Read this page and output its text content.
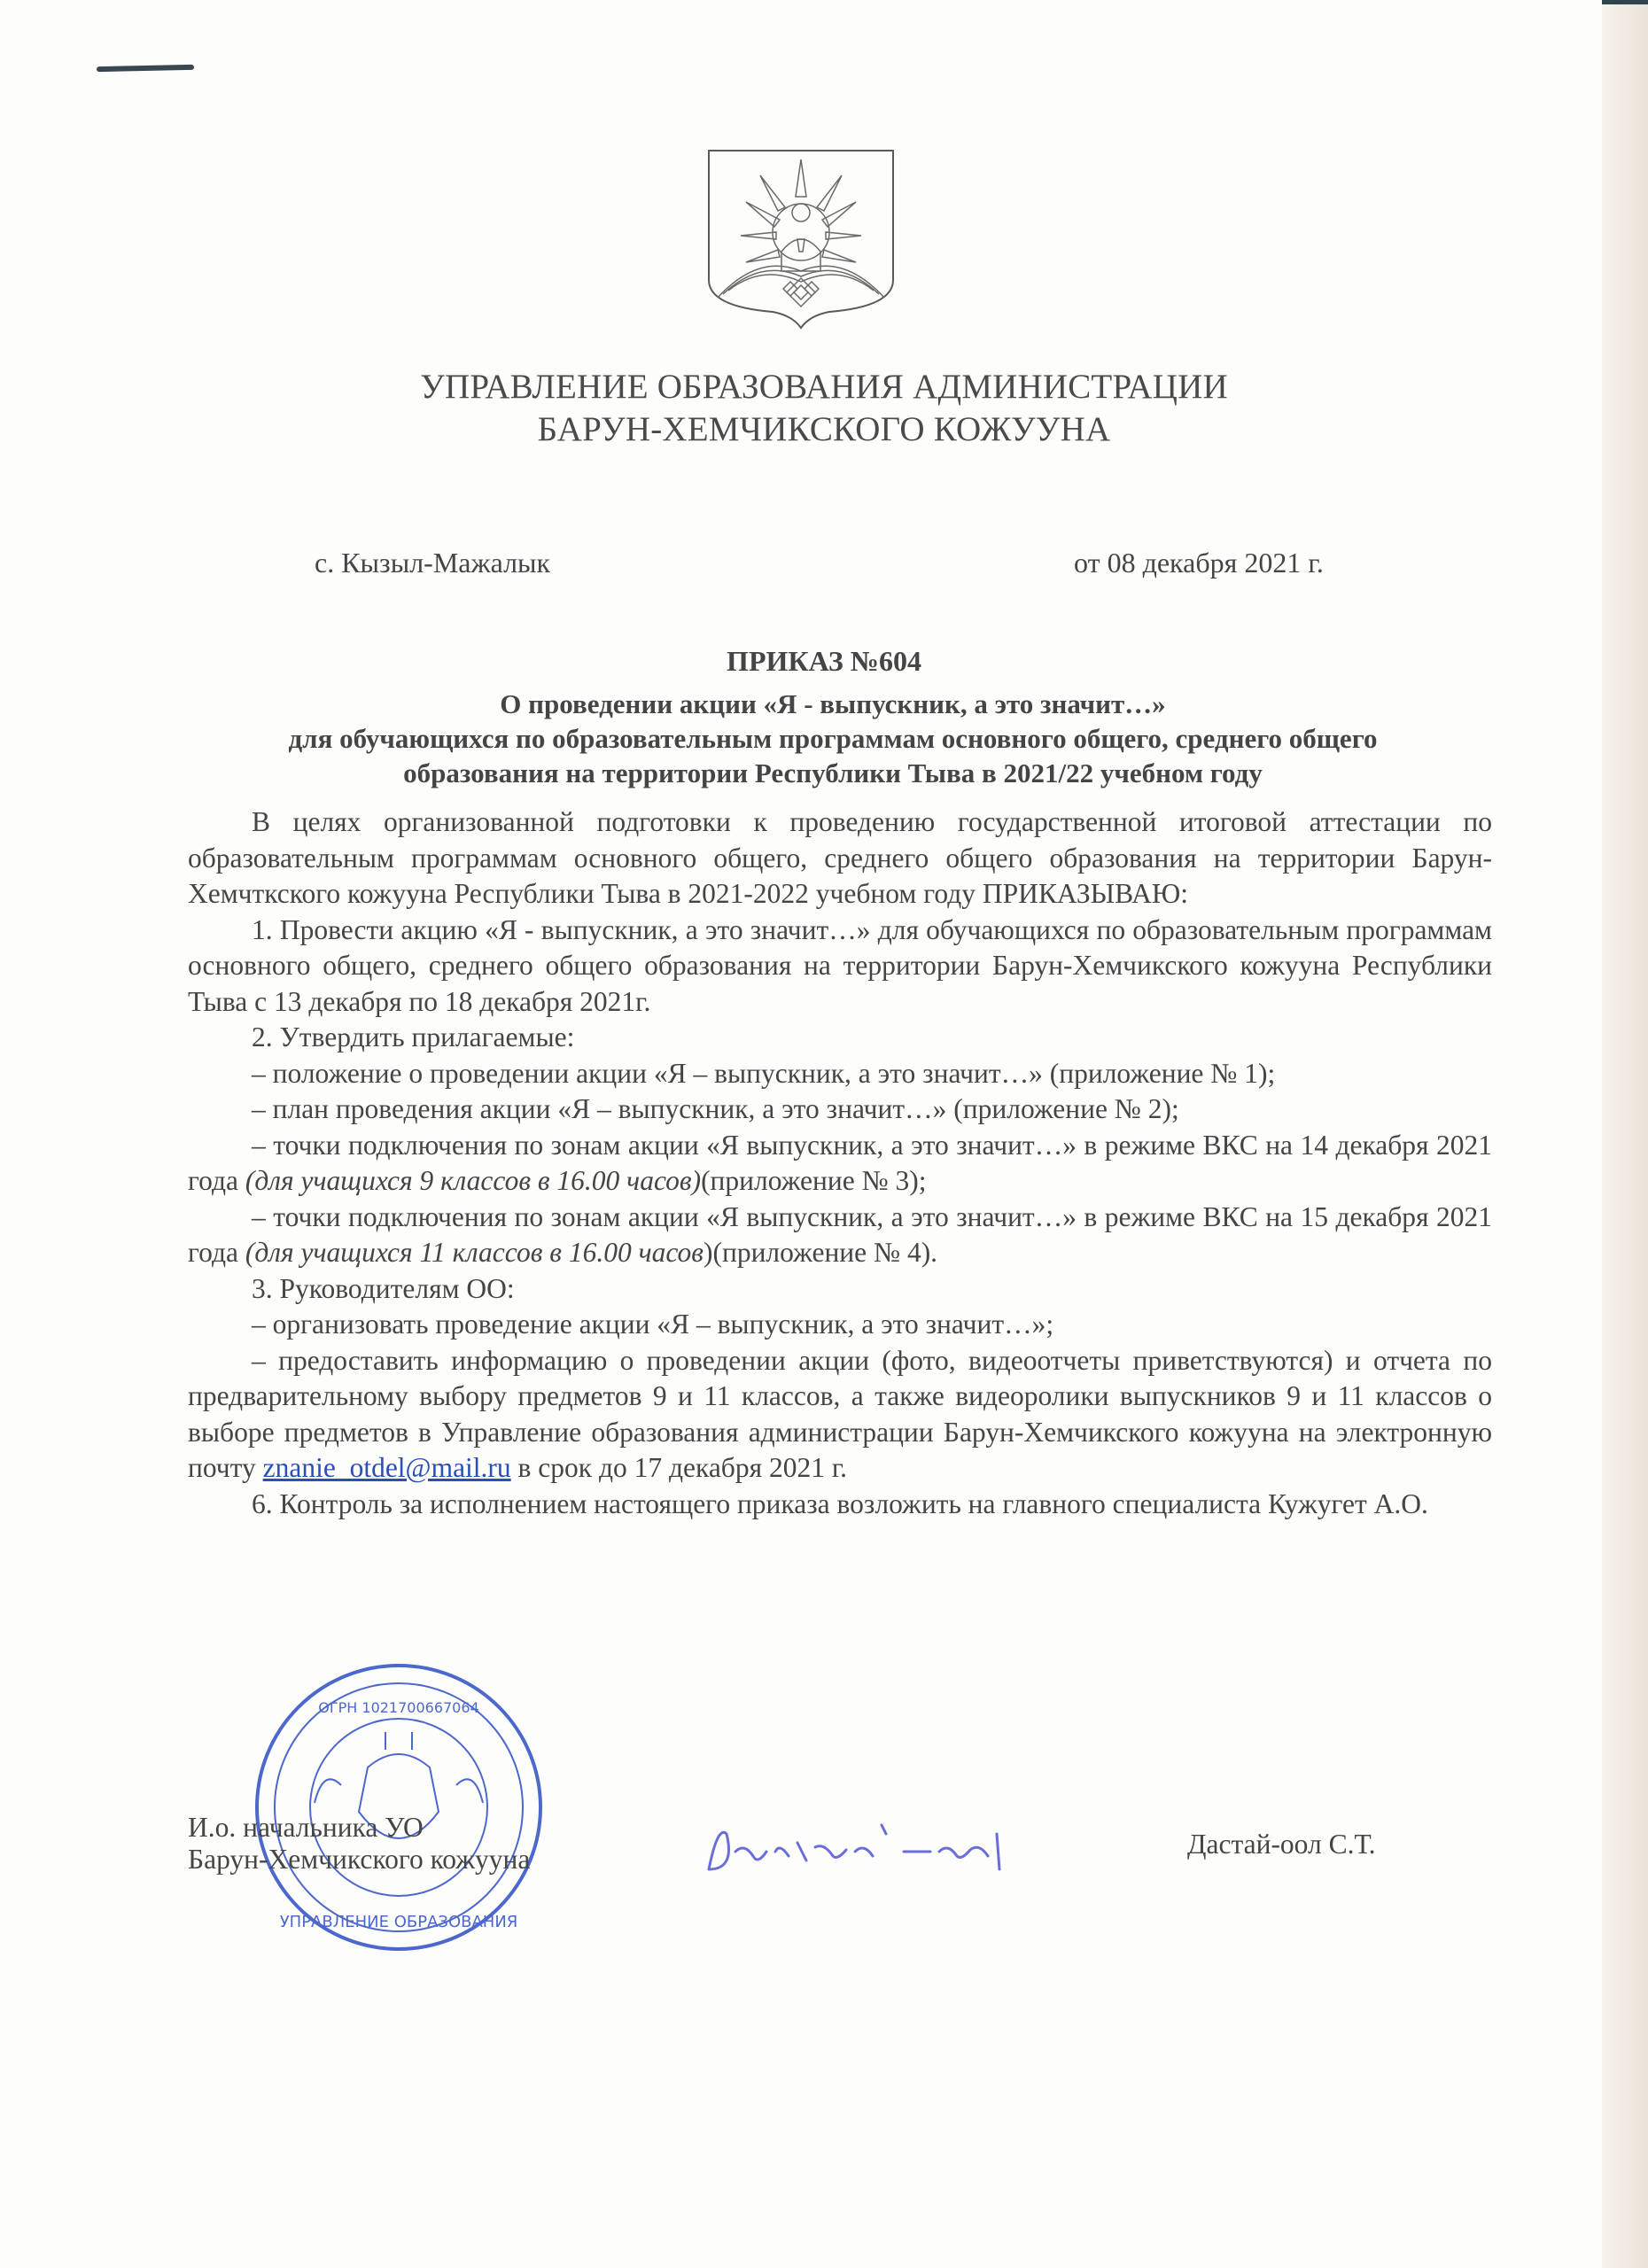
УПРАВЛЕНИЕ ОБРАЗОВАНИЯ АДМИНИСТРАЦИИ
БАРУН-ХЕМЧИКСКОГО КОЖУУНА
с. Кызыл-Мажалык	от 08 декабря 2021 г.
ПРИКАЗ №604
О проведении акции «Я - выпускник, а это значит…»
для обучающихся по образовательным программам основного общего, среднего общего
образования на территории Республики Тыва в 2021/22 учебном году

В целях организованной подготовки к проведению государственной итоговой аттестации по образовательным программам основного общего, среднего общего образования на территории Барун-Хемчткского кожууна Республики Тыва в 2021-2022 учебном году ПРИКАЗЫВАЮ:

1. Провести акцию «Я - выпускник, а это значит…» для обучающихся по образовательным программам основного общего, среднего общего образования на территории Барун-Хемчикского кожууна Республики Тыва с 13 декабря по 18 декабря 2021г.

2. Утвердить прилагаемые:

– положение о проведении акции «Я – выпускник, а это значит…» (приложение № 1);

– план проведения акции «Я – выпускник, а это значит…» (приложение № 2);

– точки подключения по зонам акции «Я выпускник, а это значит…» в режиме ВКС на 14 декабря 2021 года (для учащихся 9 классов в 16.00 часов)(приложение № 3);

– точки подключения по зонам акции «Я выпускник, а это значит…» в режиме ВКС на 15 декабря 2021 года (для учащихся 11 классов в 16.00 часов)(приложение № 4).

3. Руководителям ОО:

– организовать проведение акции «Я – выпускник, а это значит…»;

– предоставить информацию о проведении акции (фото, видеоотчеты приветствуются) и отчета по предварительному выбору предметов 9 и 11 классов, а также видеоролики выпускников 9 и 11 классов о выборе предметов в Управление образования администрации Барун-Хемчикского кожууна на электронную почту znanie_otdel@mail.ru в срок до 17 декабря 2021 г.

6. Контроль за исполнением настоящего приказа возложить на главного специалиста Кужугет А.О.

ОГРН 1021700667064
УПРАВЛЕНИЕ ОБРАЗОВАНИЯ
И.о. начальника УО
Барун-Хемчикского кожууна	Дастай-оол С.Т.
